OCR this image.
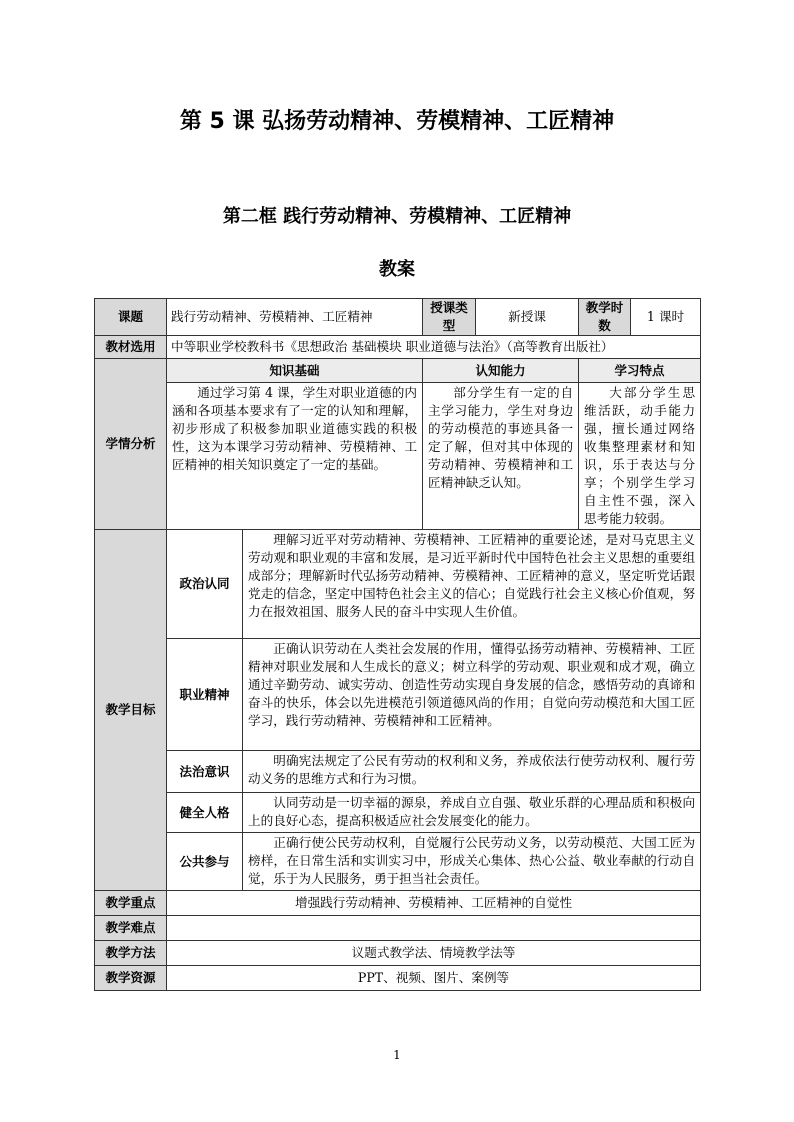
第 5 课 弘扬劳动精神、劳模精神、工匠精神
第二框 践行劳动精神、劳模精神、工匠精神
教案
课题	践行劳动精神、劳模精神、工匠精神		授课类型	新授课	教学时数	1 课时
教材选用	中等职业学校教科书《思想政治 基础模块 职业道德与法治》（高等教育出版社）					
学情分析	知识基础		认知能力		学习特点	
	通过学习第 4 课，学生对职业道德的内涵和各项基本要求有了一定的认知和理解，初步形成了积极参加职业道德实践的积极性，这为本课学习劳动精神、劳模精神、工匠精神的相关知识奠定了一定的基础。		部分学生有一定的自主学习能力，学生对身边的劳动模范的事迹具备一定了解，但对其中体现的劳动精神、劳模精神和工匠精神缺乏认知。		大部分学生思维活跃，动手能力强，擅长通过网络收集整理素材和知识，乐于表达与分享；个别学生学习自主性不强，深入思考能力较弱。	
教学目标	政治认同	理解习近平对劳动精神、劳模精神、工匠精神的重要论述，是对马克思主义劳动观和职业观的丰富和发展，是习近平新时代中国特色社会主义思想的重要组成部分；理解新时代弘扬劳动精神、劳模精神、工匠精神的意义，坚定听党话跟党走的信念，坚定中国特色社会主义的信心；自觉践行社会主义核心价值观，努力在报效祖国、服务人民的奋斗中实现人生价值。				
	职业精神	正确认识劳动在人类社会发展的作用，懂得弘扬劳动精神、劳模精神、工匠精神对职业发展和人生成长的意义；树立科学的劳动观、职业观和成才观，确立通过辛勤劳动、诚实劳动、创造性劳动实现自身发展的信念，感悟劳动的真谛和奋斗的快乐，体会以先进模范引领道德风尚的作用；自觉向劳动模范和大国工匠学习，践行劳动精神、劳模精神和工匠精神。				
	法治意识	明确宪法规定了公民有劳动的权利和义务，养成依法行使劳动权利、履行劳动义务的思维方式和行为习惯。				
	健全人格	认同劳动是一切幸福的源泉，养成自立自强、敬业乐群的心理品质和积极向上的良好心态，提高积极适应社会发展变化的能力。				
	公共参与	正确行使公民劳动权利，自觉履行公民劳动义务，以劳动模范、大国工匠为榜样，在日常生活和实训实习中，形成关心集体、热心公益、敬业奉献的行动自觉，乐于为人民服务，勇于担当社会责任。				
教学重点	增强践行劳动精神、劳模精神、工匠精神的自觉性					
教学难点						
教学方法	议题式教学法、情境教学法等					
教学资源	PPT、视频、图片、案例等					
1
